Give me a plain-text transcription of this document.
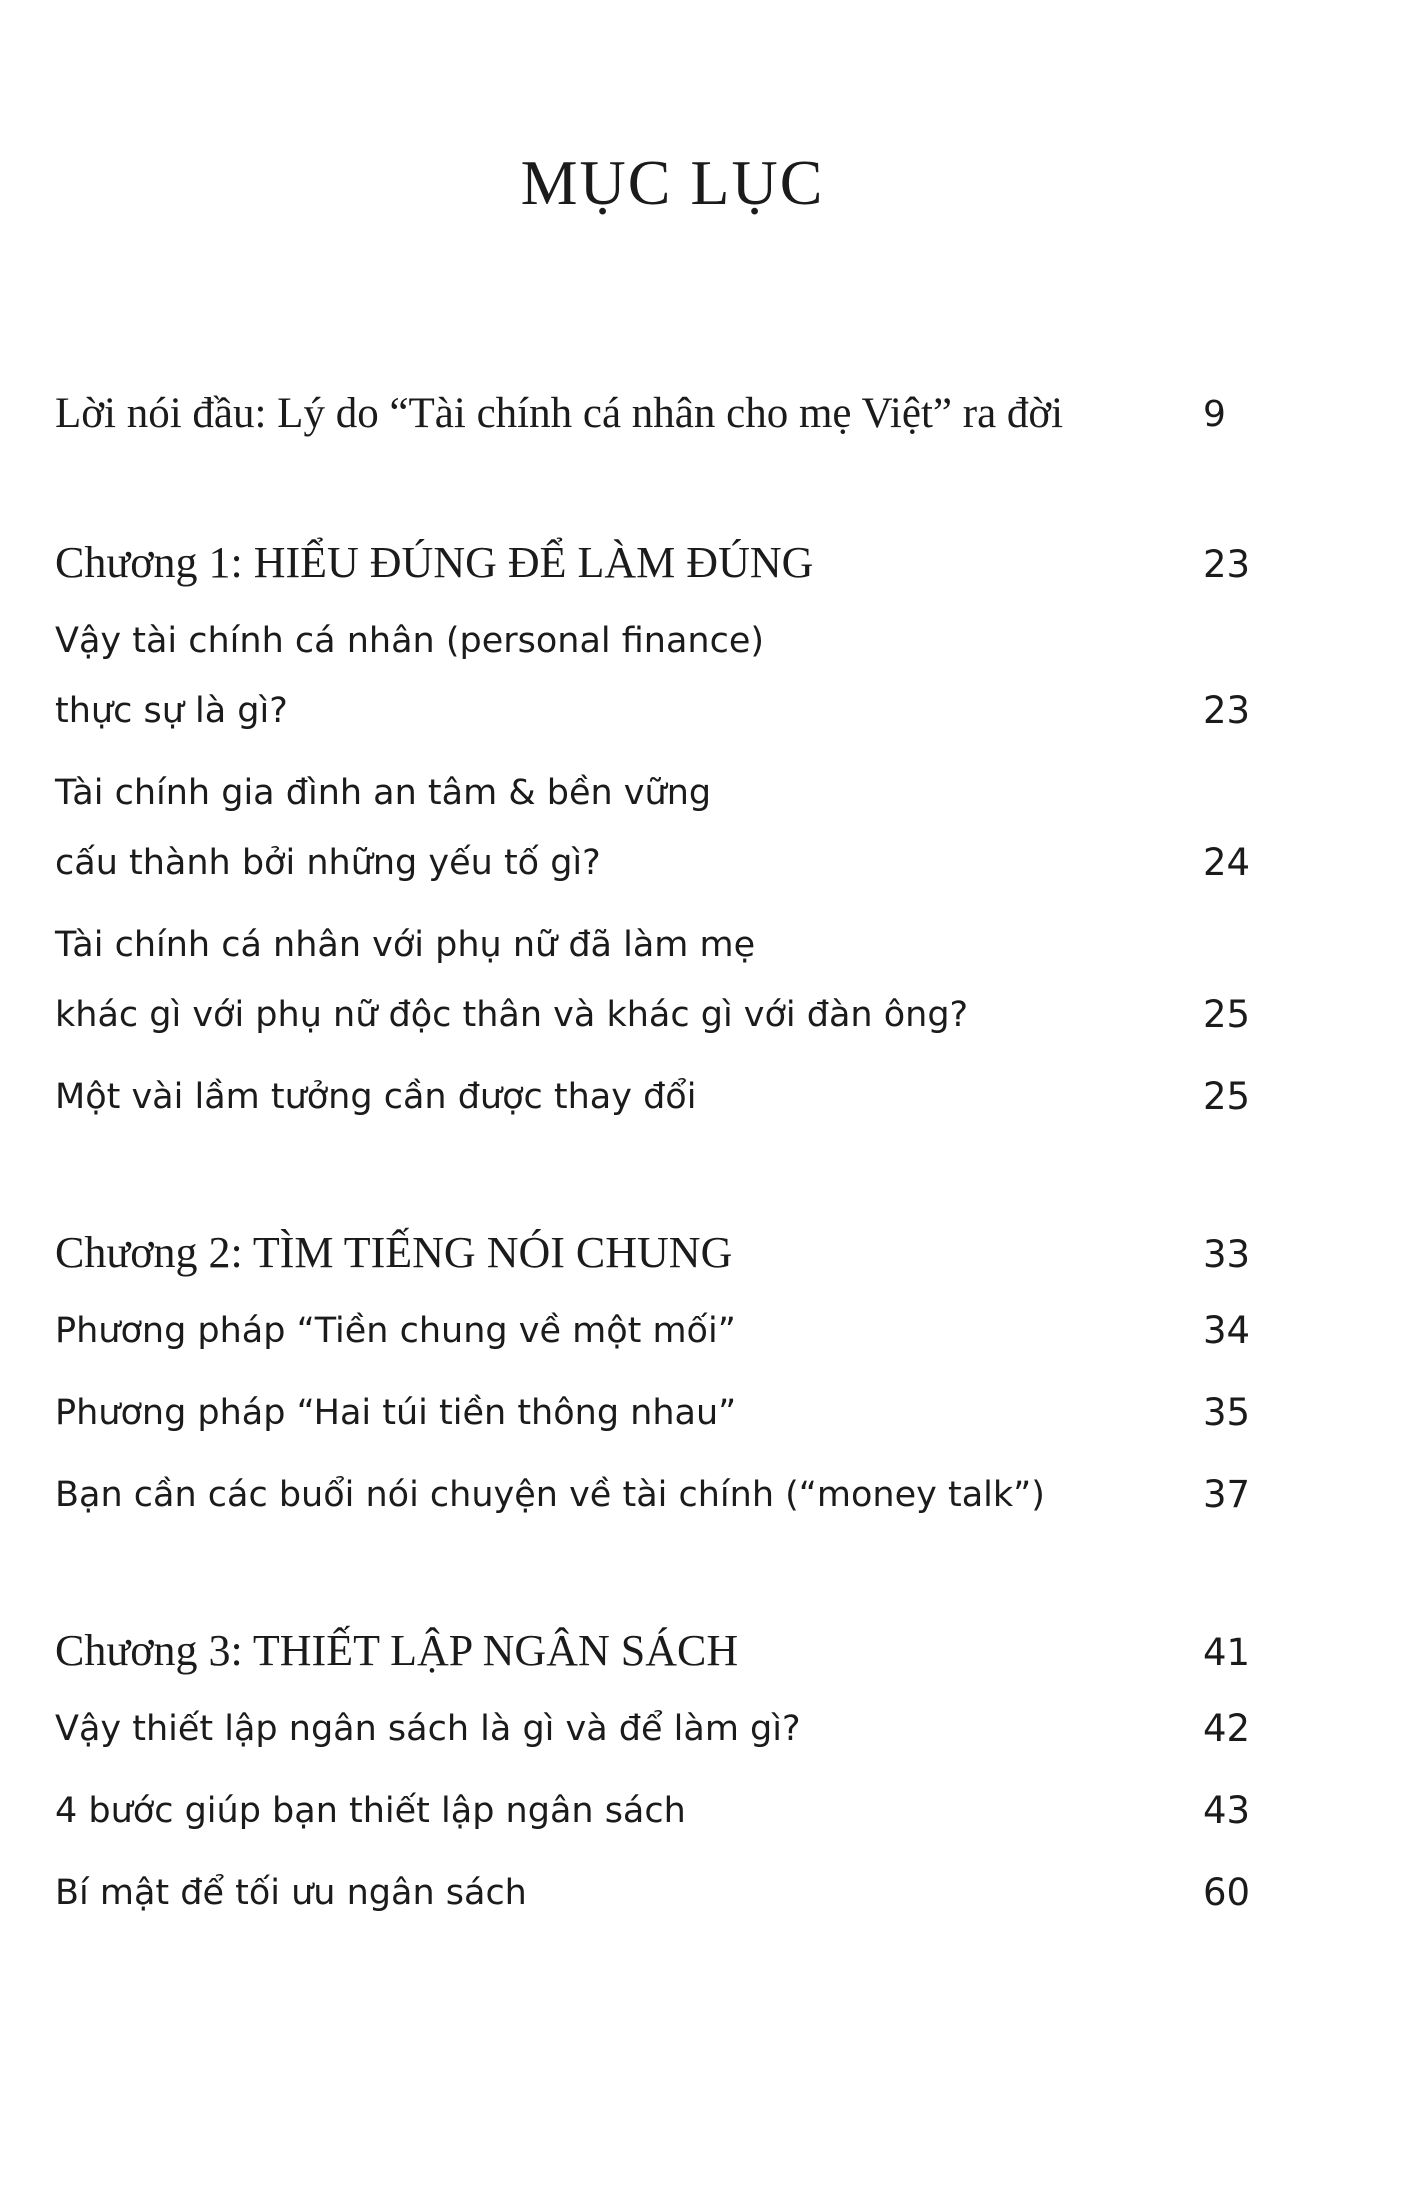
MỤC LỤC
Lời nói đầu: Lý do “Tài chính cá nhân cho mẹ Việt” ra đời	9
Chương 1: HIỂU ĐÚNG ĐỂ LÀM ĐÚNG	23
Vậy tài chính cá nhân (personal finance)
thực sự là gì?	23
Tài chính gia đình an tâm & bền vững
cấu thành bởi những yếu tố gì?	24
Tài chính cá nhân với phụ nữ đã làm mẹ
khác gì với phụ nữ độc thân và khác gì với đàn ông?	25
Một vài lầm tưởng cần được thay đổi	25
Chương 2: TÌM TIẾNG NÓI CHUNG	33
Phương pháp “Tiền chung về một mối”	34
Phương pháp “Hai túi tiền thông nhau”	35
Bạn cần các buổi nói chuyện về tài chính (“money talk”)	37
Chương 3: THIẾT LẬP NGÂN SÁCH	41
Vậy thiết lập ngân sách là gì và để làm gì?	42
4 bước giúp bạn thiết lập ngân sách	43
Bí mật để tối ưu ngân sách	60
